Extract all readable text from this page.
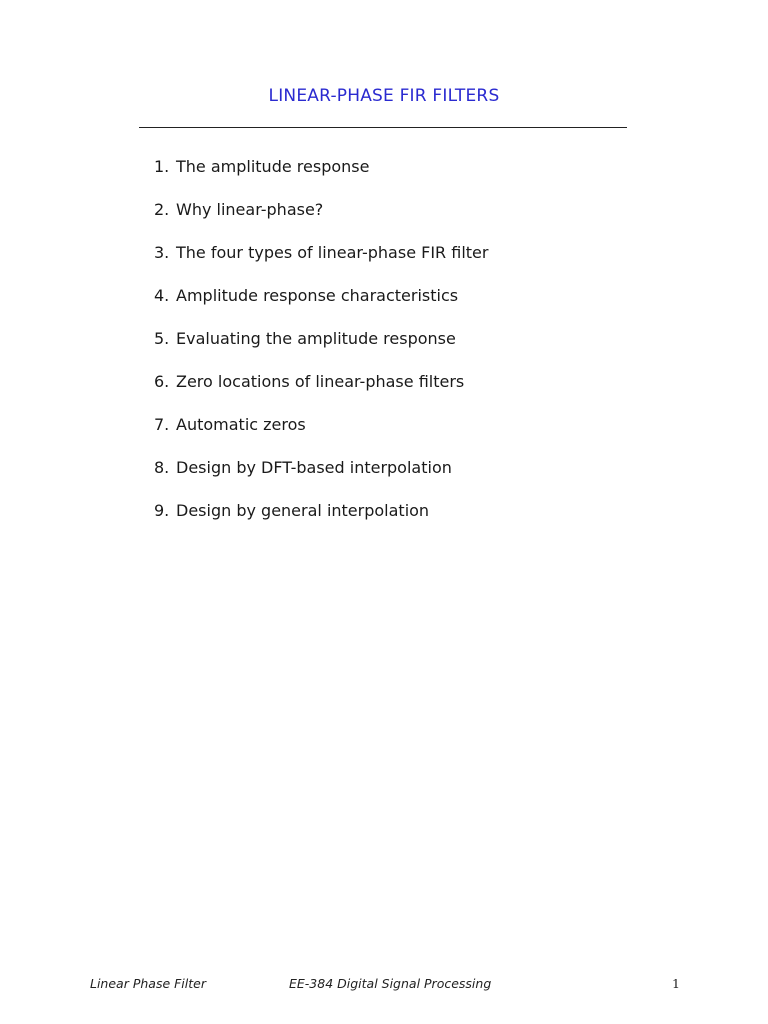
LINEAR-PHASE FIR FILTERS
1. The amplitude response
2. Why linear-phase?
3. The four types of linear-phase FIR filter
4. Amplitude response characteristics
5. Evaluating the amplitude response
6. Zero locations of linear-phase filters
7. Automatic zeros
8. Design by DFT-based interpolation
9. Design by general interpolation
Linear Phase Filter	EE-384 Digital Signal Processing	1
